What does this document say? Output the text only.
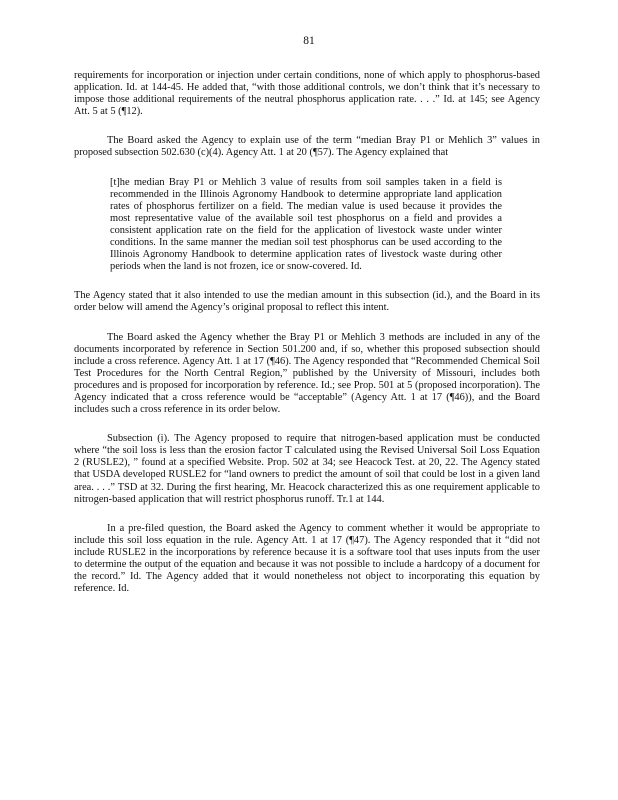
81

requirements for incorporation or injection under certain conditions, none of which apply to phosphorus-based application. Id. at 144-45. He added that, “with those additional controls, we don’t think that it’s necessary to impose those additional requirements of the neutral phosphorus application rate. . . .” Id. at 145; see Agency Att. 5 at 5 (¶12).

The Board asked the Agency to explain use of the term “median Bray P1 or Mehlich 3” values in proposed subsection 502.630 (c)(4). Agency Att. 1 at 20 (¶57). The Agency explained that

[t]he median Bray P1 or Mehlich 3 value of results from soil samples taken in a field is recommended in the Illinois Agronomy Handbook to determine appropriate land application rates of phosphorus fertilizer on a field. The median value is used because it provides the most representative value of the available soil test phosphorus on a field and provides a consistent application rate on the field for the application of livestock waste under winter conditions. In the same manner the median soil test phosphorus can be used according to the Illinois Agronomy Handbook to determine application rates of livestock waste during other periods when the land is not frozen, ice or snow-covered. Id.

The Agency stated that it also intended to use the median amount in this subsection (id.), and the Board in its order below will amend the Agency’s original proposal to reflect this intent.

The Board asked the Agency whether the Bray P1 or Mehlich 3 methods are included in any of the documents incorporated by reference in Section 501.200 and, if so, whether this proposed subsection should include a cross reference. Agency Att. 1 at 17 (¶46). The Agency responded that “Recommended Chemical Soil Test Procedures for the North Central Region,” published by the University of Missouri, includes both procedures and is proposed for incorporation by reference. Id.; see Prop. 501 at 5 (proposed incorporation). The Agency indicated that a cross reference would be “acceptable” (Agency Att. 1 at 17 (¶46)), and the Board includes such a cross reference in its order below.

Subsection (i). The Agency proposed to require that nitrogen-based application must be conducted where “the soil loss is less than the erosion factor T calculated using the Revised Universal Soil Loss Equation 2 (RUSLE2), ” found at a specified Website. Prop. 502 at 34; see Heacock Test. at 20, 22. The Agency stated that USDA developed RUSLE2 for “land owners to predict the amount of soil that could be lost in a given land area. . . .” TSD at 32. During the first hearing, Mr. Heacock characterized this as one requirement applicable to nitrogen-based application that will restrict phosphorus runoff. Tr.1 at 144.

In a pre-filed question, the Board asked the Agency to comment whether it would be appropriate to include this soil loss equation in the rule. Agency Att. 1 at 17 (¶47). The Agency responded that it “did not include RUSLE2 in the incorporations by reference because it is a software tool that uses inputs from the user to determine the output of the equation and because it was not possible to include a hardcopy of a document for the record.” Id. The Agency added that it would nonetheless not object to incorporating this equation by reference. Id.
